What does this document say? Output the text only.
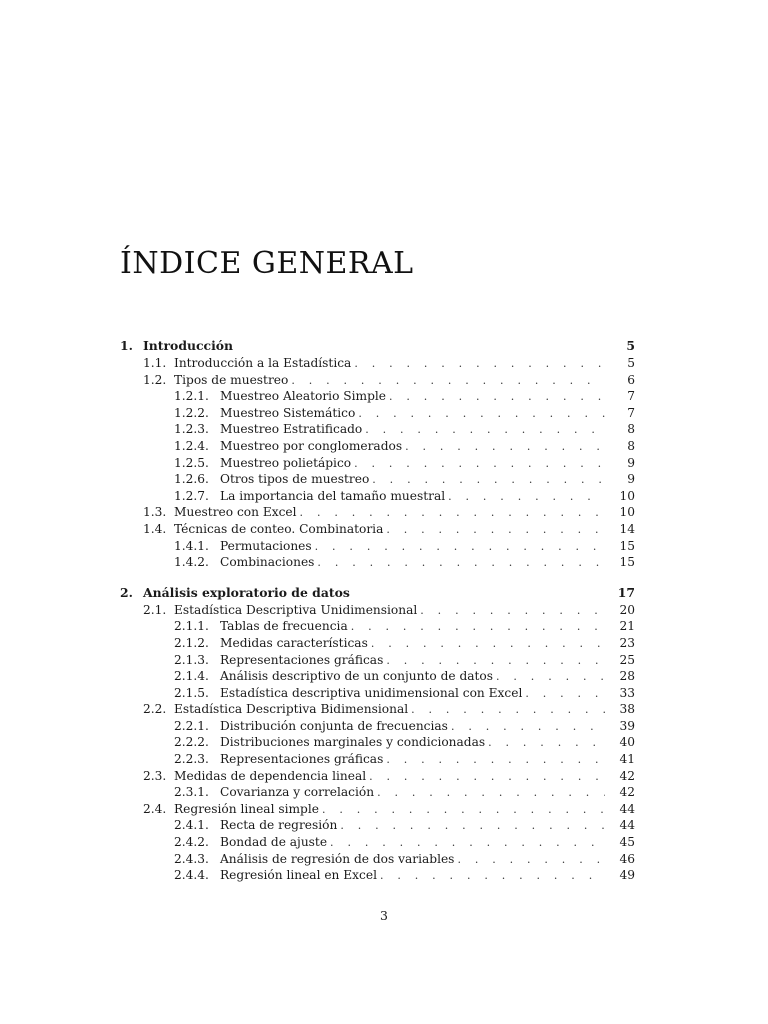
ÍNDICE GENERAL
1. Introducción	5
1.1. Introducción a la Estadística . . .	5
1.2. Tipos de muestreo . . .	6
1.2.1. Muestreo Aleatorio Simple . . .	7
1.2.2. Muestreo Sistemático . . .	7
1.2.3. Muestreo Estratificado . . .	8
1.2.4. Muestreo por conglomerados . . .	8
1.2.5. Muestreo polietápico . . .	9
1.2.6. Otros tipos de muestreo . . .	9
1.2.7. La importancia del tamaño muestral . . .	10
1.3. Muestreo con Excel . . .	10
1.4. Técnicas de conteo. Combinatoria . . .	14
1.4.1. Permutaciones . . .	15
1.4.2. Combinaciones . . .	15
2. Análisis exploratorio de datos	17
2.1. Estadística Descriptiva Unidimensional . . .	20
2.1.1. Tablas de frecuencia . . .	21
2.1.2. Medidas características . . .	23
2.1.3. Representaciones gráficas . . .	25
2.1.4. Análisis descriptivo de un conjunto de datos . . .	28
2.1.5. Estadística descriptiva unidimensional con Excel . . .	33
2.2. Estadística Descriptiva Bidimensional . . .	38
2.2.1. Distribución conjunta de frecuencias . . .	39
2.2.2. Distribuciones marginales y condicionadas . . .	40
2.2.3. Representaciones gráficas . . .	41
2.3. Medidas de dependencia lineal . . .	42
2.3.1. Covarianza y correlación . . .	42
2.4. Regresión lineal simple . . .	44
2.4.1. Recta de regresión . . .	44
2.4.2. Bondad de ajuste . . .	45
2.4.3. Análisis de regresión de dos variables . . .	46
2.4.4. Regresión lineal en Excel . . .	49
3
